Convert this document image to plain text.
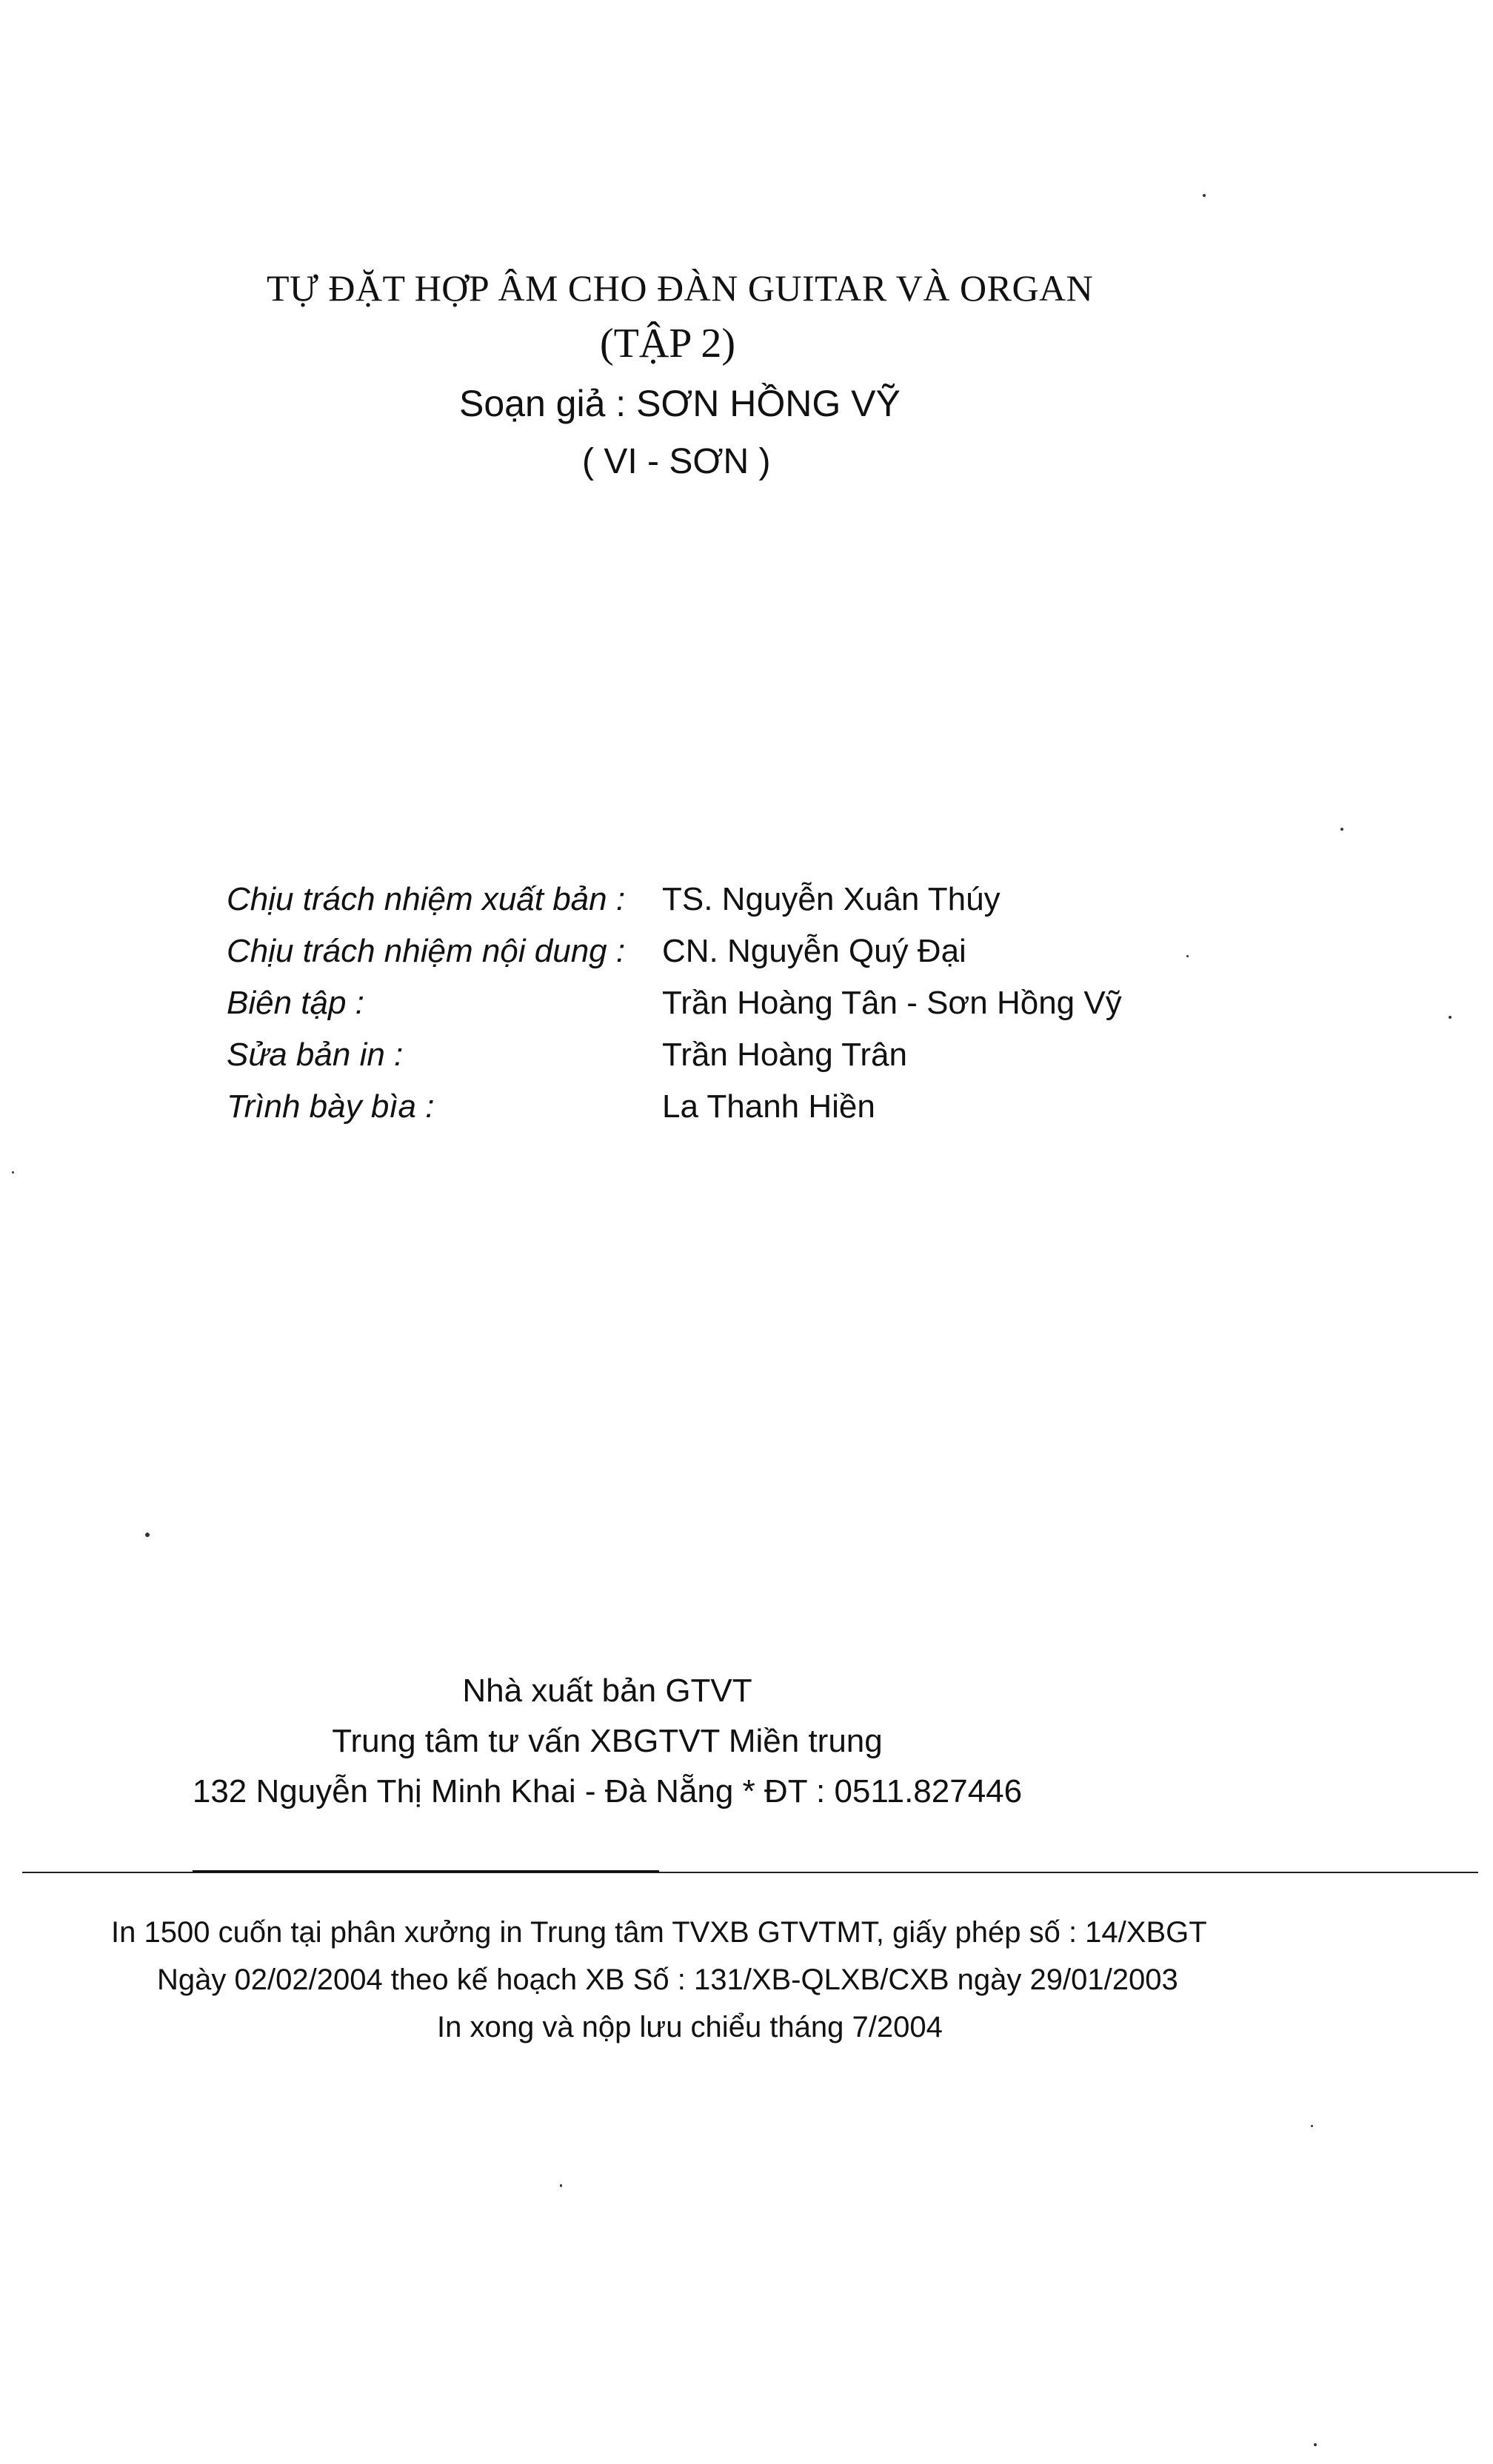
TỰ ĐẶT HỢP ÂM CHO ĐÀN GUITAR VÀ ORGAN
(TẬP 2)
Soạn giả : SƠN HỒNG VỸ
( VI - SƠN )
Chịu trách nhiệm xuất bản : TS. Nguyễn Xuân Thúy
Chịu trách nhiệm nội dung : CN. Nguyễn Quý Đại
Biên tập :	Trần Hoàng Tân - Sơn Hồng Vỹ
Sửa bản in :	Trần Hoàng Trân
Trình bày bìa :	La Thanh Hiền
Nhà xuất bản GTVT
Trung tâm tư vấn XBGTVT Miền trung
132 Nguyễn Thị Minh Khai - Đà Nẵng * ĐT : 0511.827446
In 1500 cuốn tại phân xưởng in Trung tâm TVXB GTVTMT, giấy phép số : 14/XBGT
Ngày 02/02/2004 theo kế hoạch XB Số : 131/XB-QLXB/CXB ngày 29/01/2003
In xong và nộp lưu chiểu tháng 7/2004
